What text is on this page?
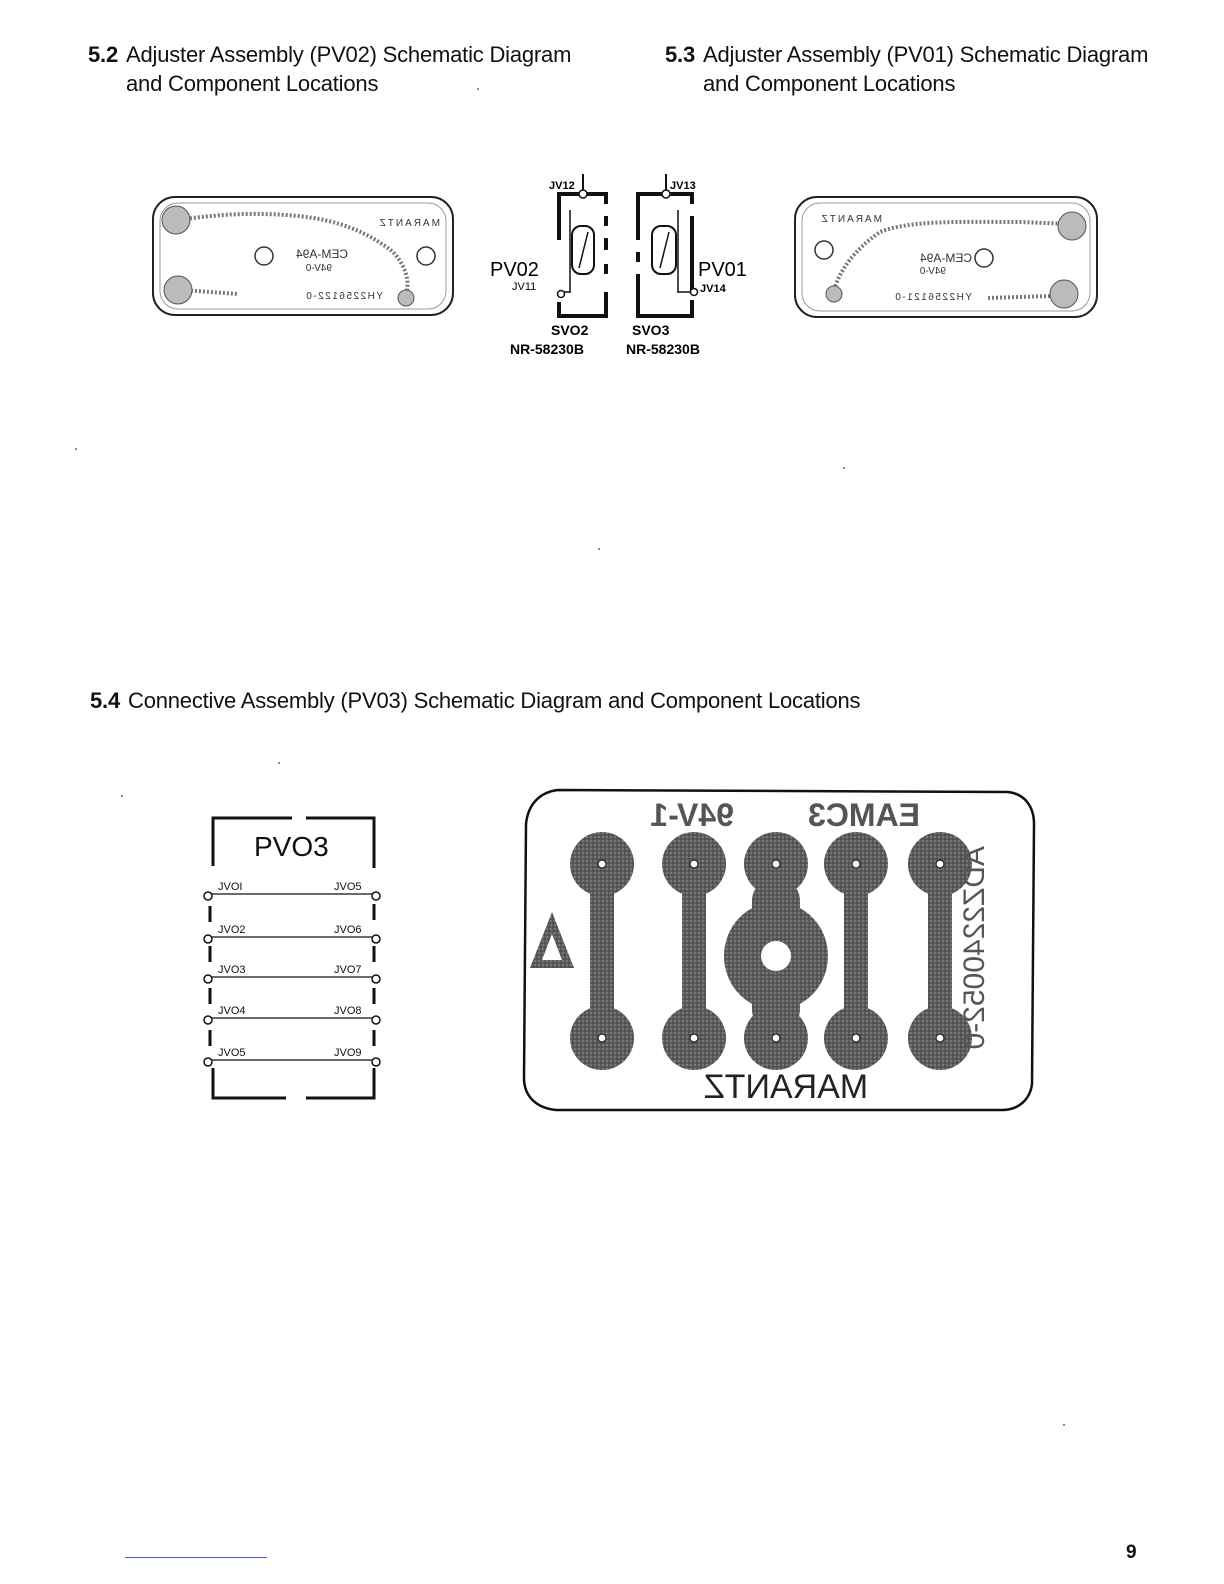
5.2 Adjuster Assembly (PV02) Schematic Diagram
and Component Locations
5.3 Adjuster Assembly (PV01) Schematic Diagram
and Component Locations
5.4 Connective Assembly (PV03) Schematic Diagram and Component Locations
MARANTZ
CEM-A94
94V-0
YH2256122-0
JV12	JV13
PV02	PV01
JV11	JV14
SVO2	SVO3
NR-58230B	NR-58230B
MARANTZ
CEM-A94
94V-0
YH2256121-0
PVO3
JVOI	JVO5
JVO2	JVO6
JVO3	JVO7
JVO4	JVO8
JVO5	JVO9
94V-1 EAMC3
MARANTZ
ADZ2240052-0
9
